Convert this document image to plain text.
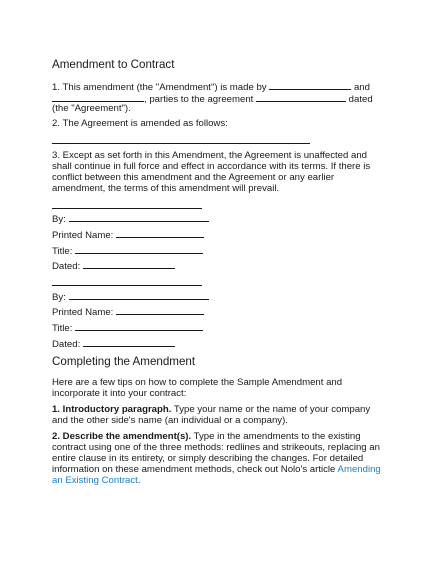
Amendment to Contract
1. This amendment (the "Amendment") is made by	and
, parties to the agreement	dated
(the "Agreement").
2. The Agreement is amended as follows:
3. Except as set forth in this Amendment, the Agreement is unaffected and
shall continue in full force and effect in accordance with its terms. If there is
conflict between this amendment and the Agreement or any earlier
amendment, the terms of this amendment will prevail.
By:
Printed Name:
Title:
Dated:
By:
Printed Name:
Title:
Dated:
Completing the Amendment
Here are a few tips on how to complete the Sample Amendment and
incorporate it into your contract:
1. Introductory paragraph. Type your name or the name of your company
and the other side's name (an individual or a company).
2. Describe the amendment(s). Type in the amendments to the existing
contract using one of the three methods: redlines and strikeouts, replacing an
entire clause in its entirety, or simply describing the changes. For detailed
information on these amendment methods, check out Nolo's article Amending
an Existing Contract.
